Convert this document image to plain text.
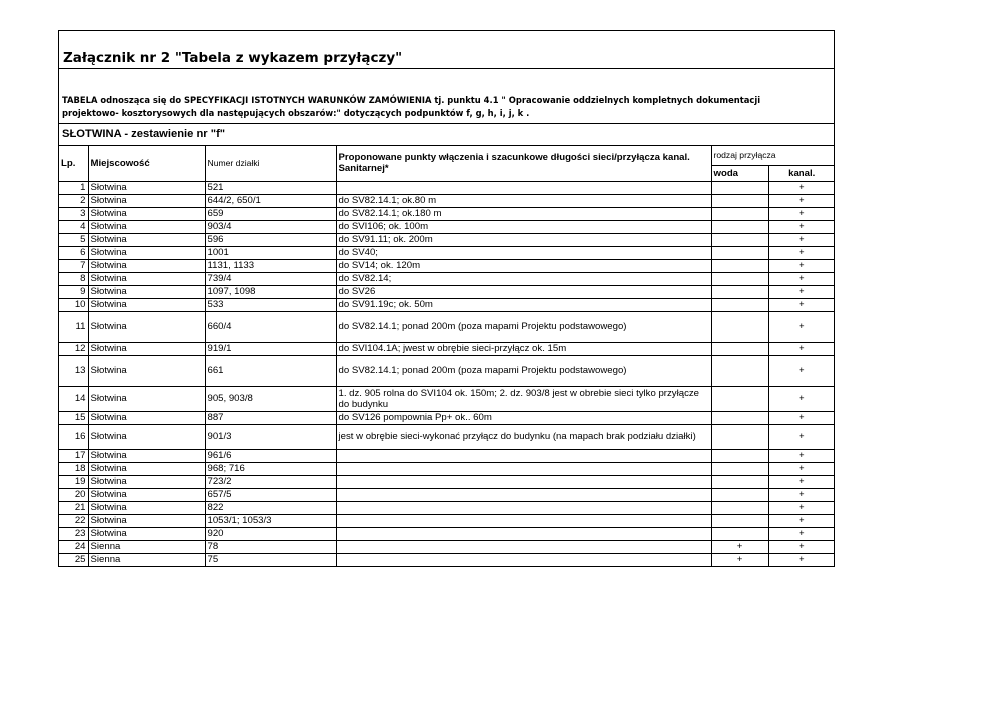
Załącznik nr 2 "Tabela z wykazem przyłączy"
TABELA odnosząca się do SPECYFIKACJI ISTOTNYCH WARUNKÓW ZAMÓWIENIA tj. punktu 4.1 " Opracowanie oddzielnych kompletnych dokumentacji
projektowo- kosztorysowych dla następujących obszarów:" dotyczących podpunktów f, g, h, i, j, k .
SŁOTWINA - zestawienie nr "f"
Lp.	Miejscowość	Numer działki	Proponowane punkty włączenia i szacunkowe długości sieci/przyłącza kanal. Sanitarnej*	rodzaj przyłącza	
				woda	kanal.
1	Słotwina	521			+
2	Słotwina	644/2, 650/1	do SV82.14.1; ok.80 m		+
3	Słotwina	659	do SV82.14.1; ok.180 m		+
4	Słotwina	903/4	do SVI106; ok. 100m		+
5	Słotwina	596	do SV91.11; ok. 200m		+
6	Słotwina	1001	do SV40;		+
7	Słotwina	1131, 1133	do SV14; ok. 120m		+
8	Słotwina	739/4	do SV82.14;		+
9	Słotwina	1097, 1098	do SV26		+
10	Słotwina	533	do SV91.19c; ok. 50m		+
11	Słotwina	660/4	do SV82.14.1; ponad 200m (poza mapami Projektu podstawowego)		+
12	Słotwina	919/1	do SVI104.1A; jwest w obrębie sieci-przyłącz ok. 15m		+
13	Słotwina	661	do SV82.14.1; ponad 200m (poza mapami Projektu podstawowego)		+
14	Słotwina	905, 903/8	1. dz. 905 rolna do SVI104 ok. 150m; 2. dz. 903/8 jest w obrebie sieci tylko przyłącze do budynku		+
15	Słotwina	887	do SV126 pompownia Pp+ ok.. 60m		+
16	Słotwina	901/3	jest w obrębie sieci-wykonać przyłącz do budynku (na mapach brak podziału działki)		+
17	Słotwina	961/6			+
18	Słotwina	968; 716			+
19	Słotwina	723/2			+
20	Słotwina	657/5			+
21	Słotwina	822			+
22	Słotwina	1053/1; 1053/3			+
23	Słotwina	920			+
24	Sienna	78		+	+
25	Sienna	75		+	+
